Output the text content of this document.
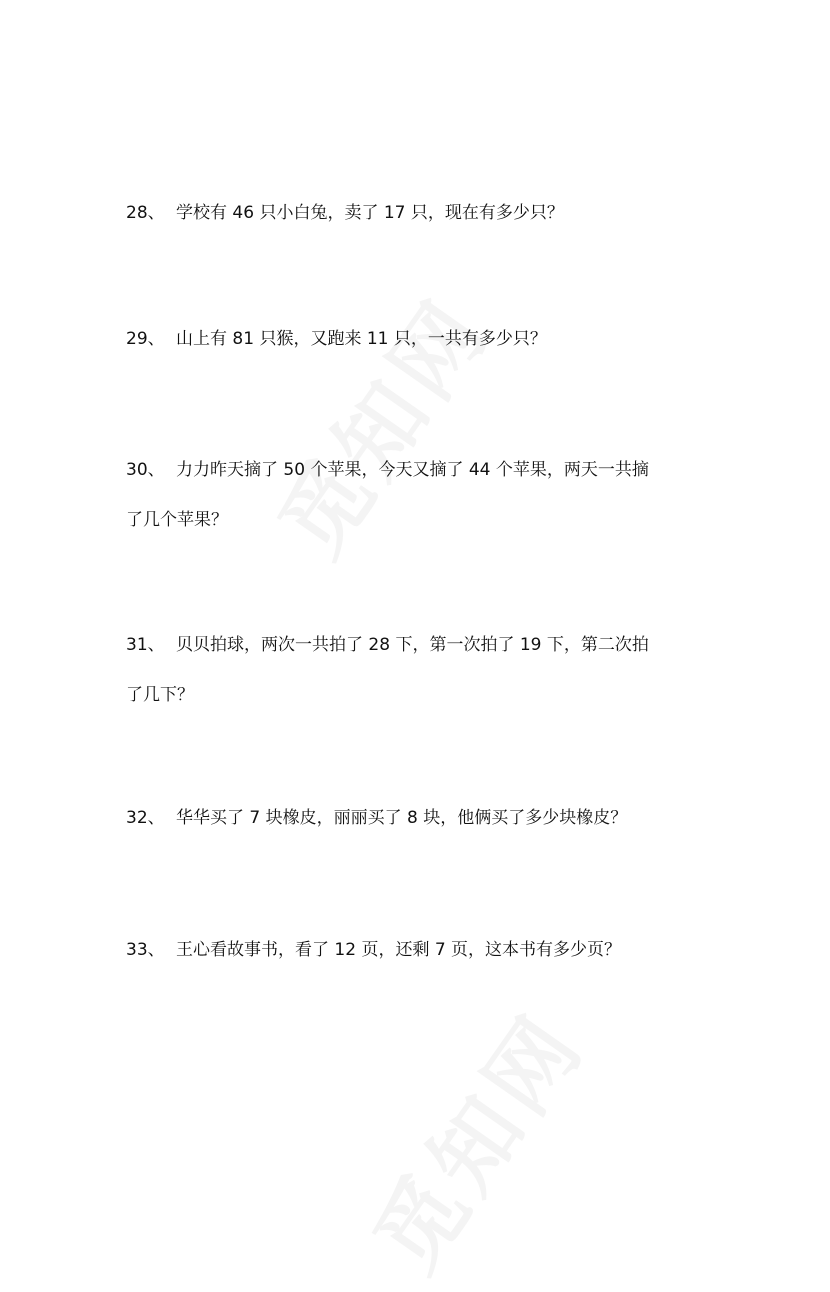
28、 学校有 46 只小白兔，卖了 17 只，现在有多少只？
29、 山上有 81 只猴，又跑来 11 只，一共有多少只？
30、 力力昨天摘了 50 个苹果，今天又摘了 44 个苹果，两天一共摘
了几个苹果？
31、 贝贝拍球，两次一共拍了 28 下，第一次拍了 19 下，第二次拍
了几下？
32、 华华买了 7 块橡皮，丽丽买了 8 块，他俩买了多少块橡皮？
33、 王心看故事书，看了 12 页，还剩 7 页，这本书有多少页？
